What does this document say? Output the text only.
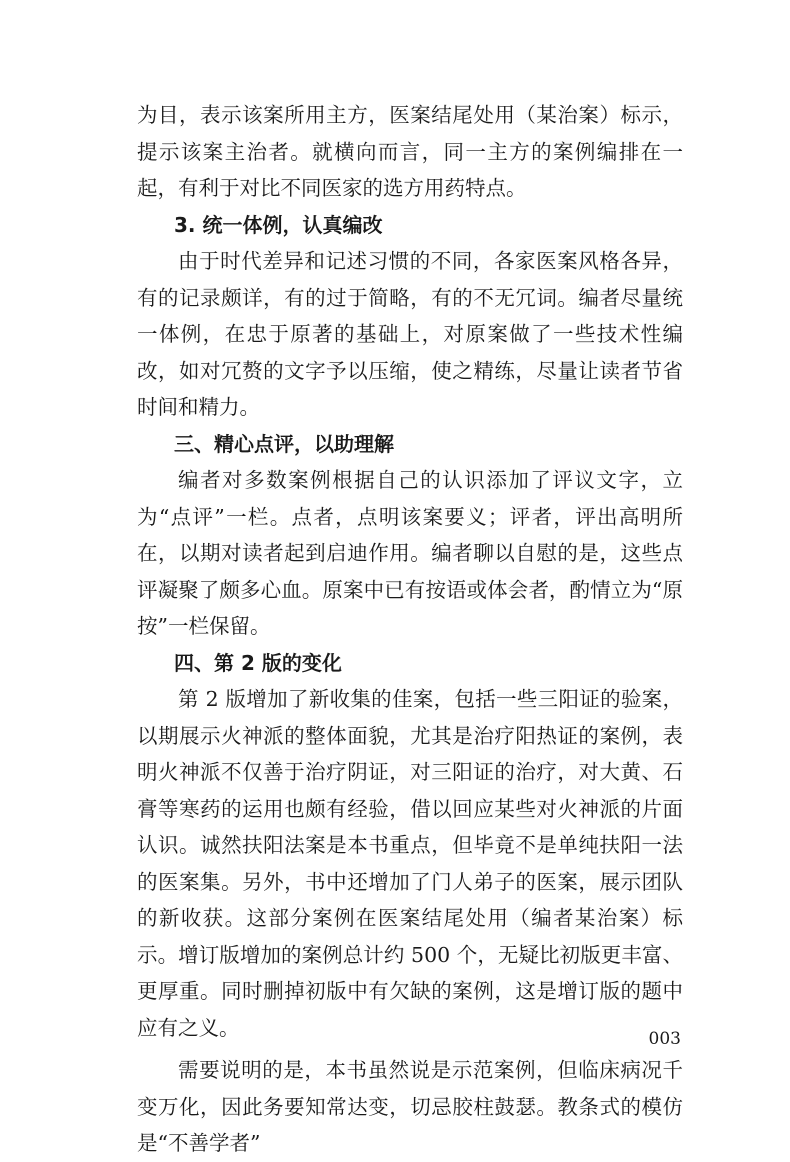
为目，表示该案所用主方，医案结尾处用（某治案）标示，提示该案主治者。就横向而言，同一主方的案例编排在一起，有利于对比不同医家的选方用药特点。

3. 统一体例，认真编改

由于时代差异和记述习惯的不同，各家医案风格各异，有的记录颇详，有的过于简略，有的不无冗词。编者尽量统一体例，在忠于原著的基础上，对原案做了一些技术性编改，如对冗赘的文字予以压缩，使之精练，尽量让读者节省时间和精力。

三、精心点评，以助理解

编者对多数案例根据自己的认识添加了评议文字，立为“点评”一栏。点者，点明该案要义；评者，评出高明所在，以期对读者起到启迪作用。编者聊以自慰的是，这些点评凝聚了颇多心血。原案中已有按语或体会者，酌情立为“原按”一栏保留。

四、第 2 版的变化

第 2 版增加了新收集的佳案，包括一些三阳证的验案，以期展示火神派的整体面貌，尤其是治疗阳热证的案例，表明火神派不仅善于治疗阴证，对三阳证的治疗，对大黄、石膏等寒药的运用也颇有经验，借以回应某些对火神派的片面认识。诚然扶阳法案是本书重点，但毕竟不是单纯扶阳一法的医案集。另外，书中还增加了门人弟子的医案，展示团队的新收获。这部分案例在医案结尾处用（编者某治案）标示。增订版增加的案例总计约 500 个，无疑比初版更丰富、更厚重。同时删掉初版中有欠缺的案例，这是增订版的题中应有之义。

需要说明的是，本书虽然说是示范案例，但临床病况千变万化，因此务要知常达变，切忌胶柱鼓瑟。教条式的模仿是“不善学者”

003
